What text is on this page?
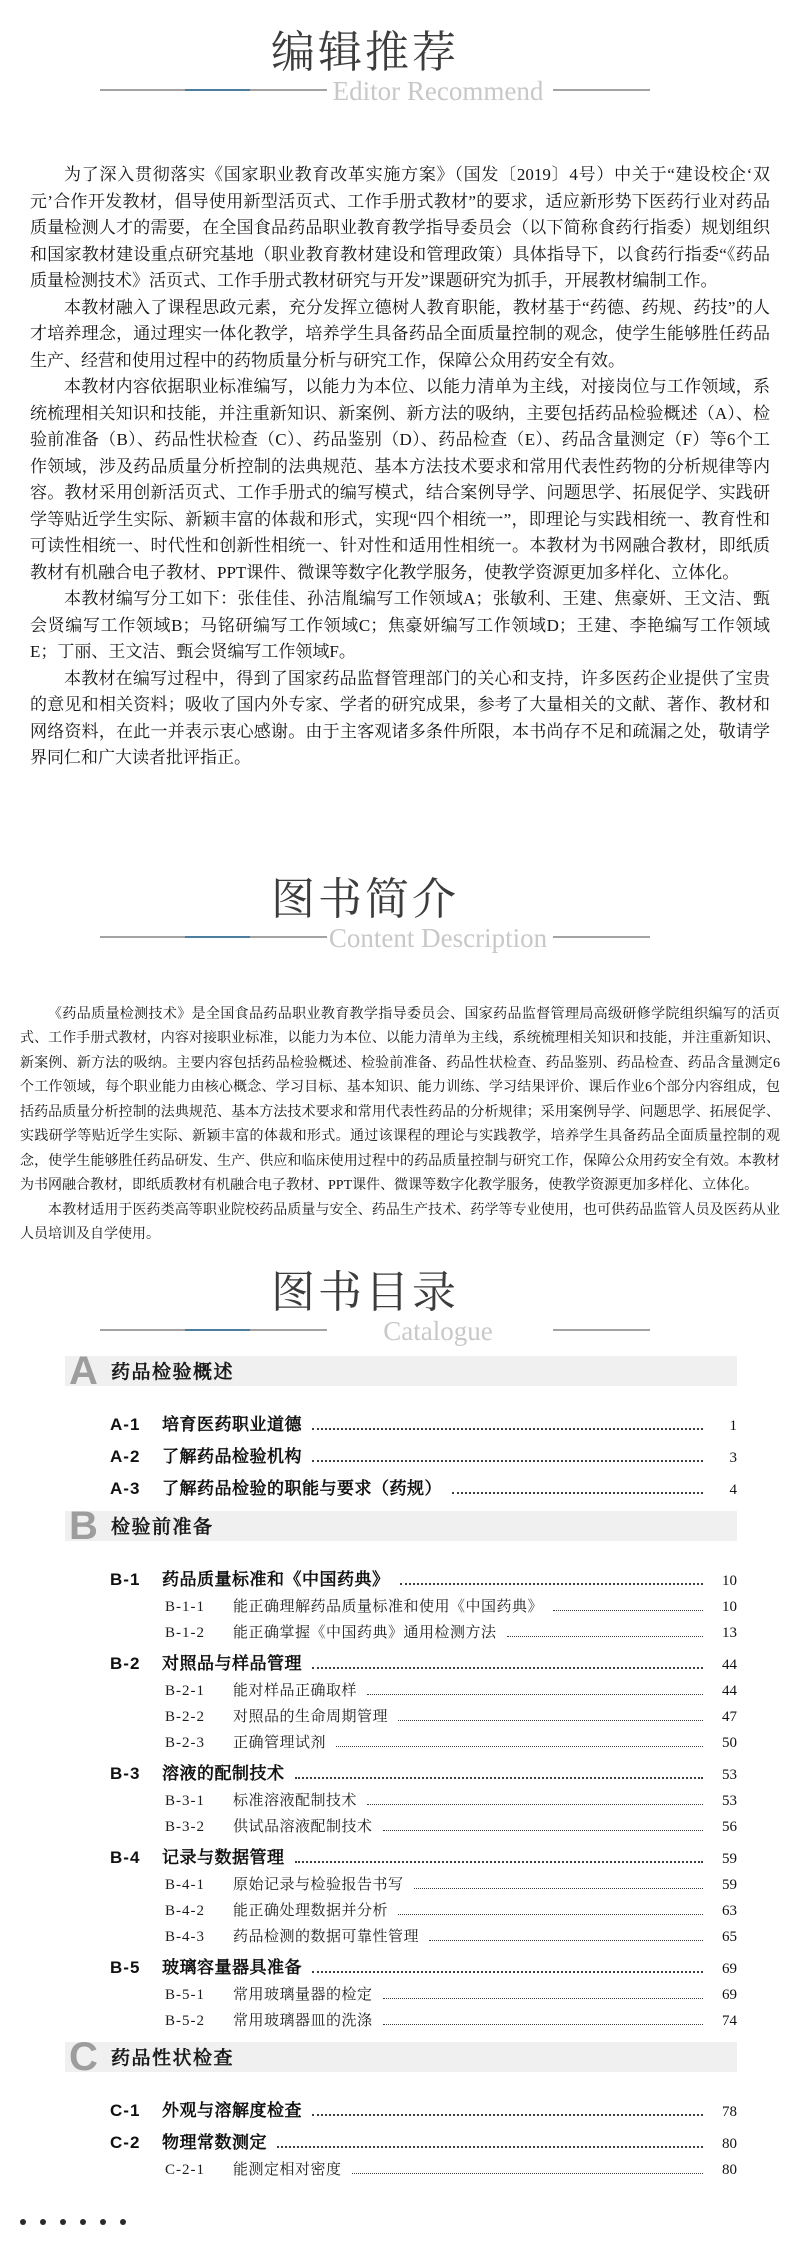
编辑推荐
Editor Recommend

为了深入贯彻落实《国家职业教育改革实施方案》（国发〔2019〕4号）中关于“建设校企‘双元’合作开发教材，倡导使用新型活页式、工作手册式教材”的要求，适应新形势下医药行业对药品质量检测人才的需要，在全国食品药品职业教育教学指导委员会（以下简称食药行指委）规划组织和国家教材建设重点研究基地（职业教育教材建设和管理政策）具体指导下，以食药行指委“《药品质量检测技术》活页式、工作手册式教材研究与开发”课题研究为抓手，开展教材编制工作。

本教材融入了课程思政元素，充分发挥立德树人教育职能，教材基于“药德、药规、药技”的人才培养理念，通过理实一体化教学，培养学生具备药品全面质量控制的观念，使学生能够胜任药品生产、经营和使用过程中的药物质量分析与研究工作，保障公众用药安全有效。

本教材内容依据职业标准编写，以能力为本位、以能力清单为主线，对接岗位与工作领域，系统梳理相关知识和技能，并注重新知识、新案例、新方法的吸纳，主要包括药品检验概述（A）、检验前准备（B）、药品性状检查（C）、药品鉴别（D）、药品检查（E）、药品含量测定（F）等6个工作领域，涉及药品质量分析控制的法典规范、基本方法技术要求和常用代表性药物的分析规律等内容。教材采用创新活页式、工作手册式的编写模式，结合案例导学、问题思学、拓展促学、实践研学等贴近学生实际、新颖丰富的体裁和形式，实现“四个相统一”，即理论与实践相统一、教育性和可读性相统一、时代性和创新性相统一、针对性和适用性相统一。本教材为书网融合教材，即纸质教材有机融合电子教材、PPT课件、微课等数字化教学服务，使教学资源更加多样化、立体化。

本教材编写分工如下：张佳佳、孙洁胤编写工作领域A；张敏利、王建、焦豪妍、王文洁、甄会贤编写工作领域B；马铭研编写工作领域C；焦豪妍编写工作领域D；王建、李艳编写工作领域E；丁丽、王文洁、甄会贤编写工作领域F。

本教材在编写过程中，得到了国家药品监督管理部门的关心和支持，许多医药企业提供了宝贵的意见和相关资料；吸收了国内外专家、学者的研究成果，参考了大量相关的文献、著作、教材和网络资料，在此一并表示衷心感谢。由于主客观诸多条件所限，本书尚存不足和疏漏之处，敬请学界同仁和广大读者批评指正。

图书简介
Content Description

《药品质量检测技术》是全国食品药品职业教育教学指导委员会、国家药品监督管理局高级研修学院组织编写的活页式、工作手册式教材，内容对接职业标准，以能力为本位、以能力清单为主线，系统梳理相关知识和技能，并注重新知识、新案例、新方法的吸纳。主要内容包括药品检验概述、检验前准备、药品性状检查、药品鉴别、药品检查、药品含量测定6个工作领域，每个职业能力由核心概念、学习目标、基本知识、能力训练、学习结果评价、课后作业6个部分内容组成，包括药品质量分析控制的法典规范、基本方法技术要求和常用代表性药品的分析规律；采用案例导学、问题思学、拓展促学、实践研学等贴近学生实际、新颖丰富的体裁和形式。通过该课程的理论与实践教学，培养学生具备药品全面质量控制的观念，使学生能够胜任药品研发、生产、供应和临床使用过程中的药品质量控制与研究工作，保障公众用药安全有效。本教材为书网融合教材，即纸质教材有机融合电子教材、PPT课件、微课等数字化教学服务，使教学资源更加多样化、立体化。

本教材适用于医药类高等职业院校药品质量与安全、药品生产技术、药学等专业使用，也可供药品监管人员及医药从业人员培训及自学使用。

图书目录
Catalogue
A 药品检验概述
A-1	培育医药职业道德	1
A-2	了解药品检验机构	3
A-3	了解药品检验的职能与要求（药规）	4
B 检验前准备
B-1	药品质量标准和《中国药典》	10
B-1-1	能正确理解药品质量标准和使用《中国药典》	10
B-1-2	能正确掌握《中国药典》通用检测方法	13
B-2	对照品与样品管理	44
B-2-1	能对样品正确取样	44
B-2-2	对照品的生命周期管理	47
B-2-3	正确管理试剂	50
B-3	溶液的配制技术	53
B-3-1	标准溶液配制技术	53
B-3-2	供试品溶液配制技术	56
B-4	记录与数据管理	59
B-4-1	原始记录与检验报告书写	59
B-4-2	能正确处理数据并分析	63
B-4-3	药品检测的数据可靠性管理	65
B-5	玻璃容量器具准备	69
B-5-1	常用玻璃量器的检定	69
B-5-2	常用玻璃器皿的洗涤	74
C 药品性状检查
C-1	外观与溶解度检查	78
C-2	物理常数测定	80
C-2-1	能测定相对密度	80
